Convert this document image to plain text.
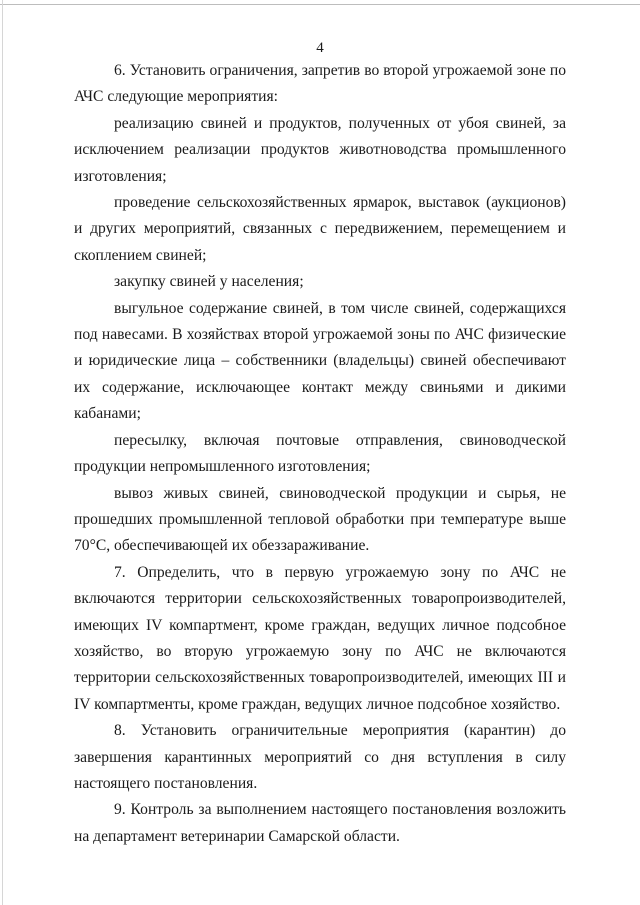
4

6. Установить ограничения, запретив во второй угрожаемой зоне по АЧС следующие мероприятия:

реализацию свиней и продуктов, полученных от убоя свиней, за исключением реализации продуктов животноводства промышленного изготовления;

проведение сельскохозяйственных ярмарок, выставок (аукционов) и других мероприятий, связанных с передвижением, перемещением и скоплением свиней;

закупку свиней у населения;

выгульное содержание свиней, в том числе свиней, содержащихся под навесами. В хозяйствах второй угрожаемой зоны по АЧС физические и юридические лица – собственники (владельцы) свиней обеспечивают их содержание, исключающее контакт между свиньями и дикими кабанами;

пересылку, включая почтовые отправления, свиноводческой продукции непромышленного изготовления;

вывоз живых свиней, свиноводческой продукции и сырья, не прошедших промышленной тепловой обработки при температуре выше 70°С, обеспечивающей их обеззараживание.

7. Определить, что в первую угрожаемую зону по АЧС не включаются территории сельскохозяйственных товаропроизводителей, имеющих IV компартмент, кроме граждан, ведущих личное подсобное хозяйство, во вторую угрожаемую зону по АЧС не включаются территории сельскохозяйственных товаропроизводителей, имеющих III и IV компартменты, кроме граждан, ведущих личное подсобное хозяйство.

8. Установить ограничительные мероприятия (карантин) до завершения карантинных мероприятий со дня вступления в силу настоящего постановления.

9. Контроль за выполнением настоящего постановления возложить на департамент ветеринарии Самарской области.
